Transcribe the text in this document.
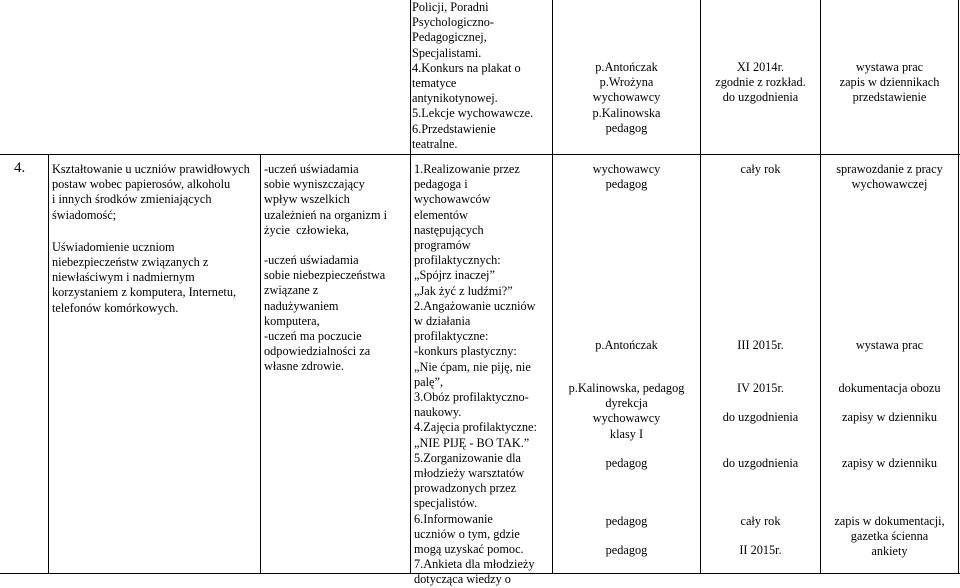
Policji, Poradni
Psychologiczno-
Pedagogicznej,
Specjalistami.
4.Konkurs na plakat o
tematyce
antynikotynowej.
5.Lekcje wychowawcze.
6.Przedstawienie
teatralne.
p.Antończak
p.Wrożyna
wychowawcy
p.Kalinowska
pedagog
XI 2014r.
zgodnie z rozkład.
do uzgodnienia
wystawa prac
zapis w dziennikach
przedstawienie
4.	Kształtowanie u uczniów prawidłowych
postaw wobec papierosów, alkoholu
i innych środków zmieniających
świadomość;
Uświadomienie uczniom
niebezpieczeństw związanych z
niewłaściwym i nadmiernym
korzystaniem z komputera, Internetu,
telefonów komórkowych.
-uczeń uświadamia
sobie wyniszczający
wpływ wszelkich
uzależnień na organizm i
życie  człowieka,
-uczeń uświadamia
sobie niebezpieczeństwa
związane z
nadużywaniem
komputera,
-uczeń ma poczucie
odpowiedzialności za
własne zdrowie.
1.Realizowanie przez
pedagoga i
wychowawców
elementów
następujących
programów
profilaktycznych:
„Spójrz inaczej”
„Jak żyć z ludźmi?”
2.Angażowanie uczniów
w działania
profilaktyczne:
-konkurs plastyczny:
„Nie ćpam, nie piję, nie
palę”,
3.Obóz profilaktyczno-
naukowy.
4.Zajęcia profilaktyczne:
„NIE PIJĘ - BO TAK.”
5.Zorganizowanie dla
młodzieży warsztatów
prowadzonych przez
specjalistów.
6.Informowanie
uczniów o tym, gdzie
mogą uzyskać pomoc.
7.Ankieta dla młodzieży
dotycząca wiedzy o
wychowawcy
pedagog
p.Antończak
p.Kalinowska, pedagog
dyrekcja
wychowawcy
klasy I
pedagog
pedagog
pedagog
cały rok
III 2015r.
IV 2015r.
do uzgodnienia
do uzgodnienia
cały rok
II 2015r.
sprawozdanie z pracy
wychowawczej
wystawa prac
dokumentacja obozu
zapisy w dzienniku
zapisy w dzienniku
zapis w dokumentacji,
gazetka ścienna
ankiety
